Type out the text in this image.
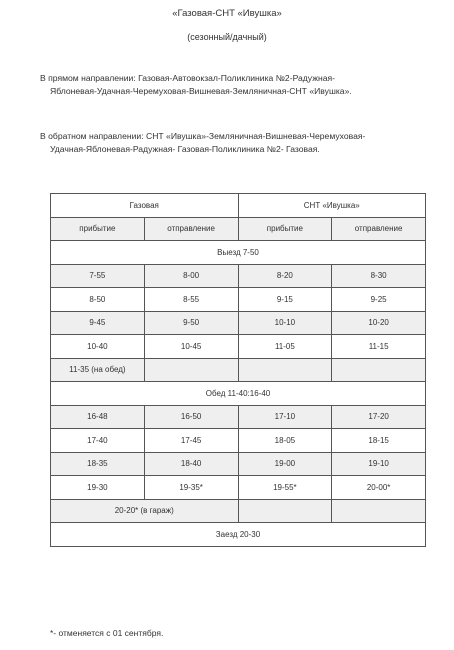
«Газовая-СНТ «Ивушка»
(сезонный/дачный)
В прямом направлении: Газовая-Автовокзал-Поликлиника №2-Радужная-
Яблоневая-Удачная-Черемуховая-Вишневая-Земляничная-СНТ «Ивушка».
В обратном направлении: СНТ «Ивушка»-Земляничная-Вишневая-Черемуховая-
Удачная-Яблоневая-Радужная- Газовая-Поликлиника №2- Газовая.
Газовая		СНТ «Ивушка»	
прибытие	отправление	прибытие	отправление
Выезд 7-50			
7-55	8-00	8-20	8-30
8-50	8-55	9-15	9-25
9-45	9-50	10-10	10-20
10-40	10-45	11-05	11-15
11-35 (на обед)			
Обед 11-40:16-40			
16-48	16-50	17-10	17-20
17-40	17-45	18-05	18-15
18-35	18-40	19-00	19-10
19-30	19-35*	19-55*	20-00*
20-20* (в гараж)			
Заезд 20-30			
*- отменяется с 01 сентября.
